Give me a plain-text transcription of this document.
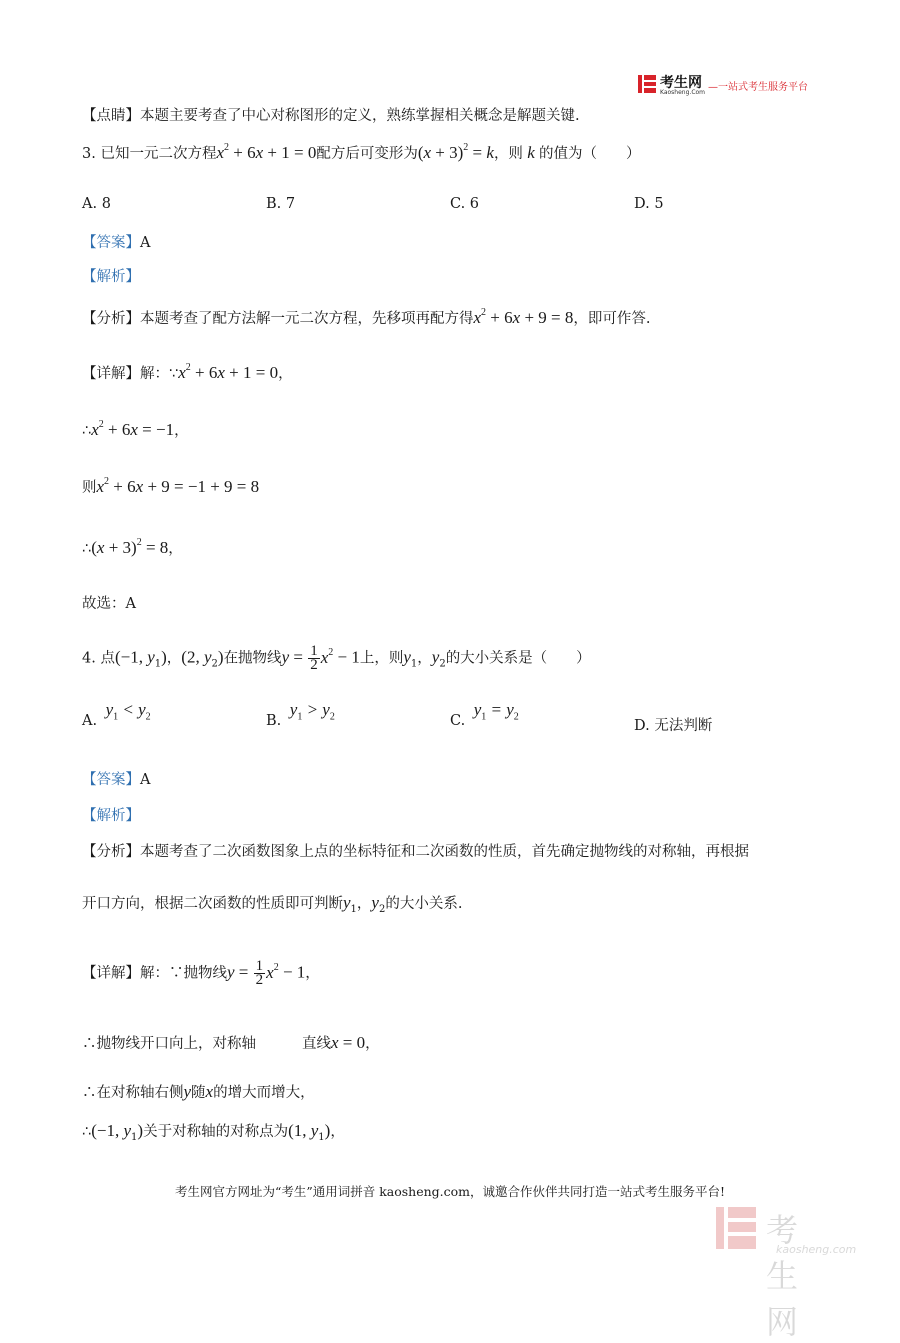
考生网
Kaosheng.Com —一站式考生服务平台
【点睛】本题主要考查了中心对称图形的定义，熟练掌握相关概念是解题关键.
3. 已知一元二次方程$x^2 + 6x + 1 = 0$配方后可变形为$(x + 3)^2 = k$，则 k 的值为（　　）
A. 8	B. 7	C. 6	D. 5
【答案】A
【解析】
【分析】本题考查了配方法解一元二次方程，先移项再配方得$x^2 + 6x + 9 = 8$，即可作答.
【详解】解：$\because x^2 + 6x + 1 = 0$，
$\therefore x^2 + 6x = -1$，
则$x^2 + 6x + 9 = -1 + 9 = 8$
∴(x + 3)$^2$ = 8，
故选：A
4. 点(−1, $y_1$)，(2, $y_2$)在抛物线$y = \frac{1}{2} x^2 - 1$上，则$y_1$，$y_2$的大小关系是（　　）
A.  $y_1 < y_2$	B.  $y_1 > y_2$	C.  $y_1 = y_2$
D. 无法判断
【答案】A
【解析】
【分析】本题考查了二次函数图象上点的坐标特征和二次函数的性质，首先确定抛物线的对称轴，再根据
开口方向，根据二次函数的性质即可判断$y_1$，$y_2$的大小关系.
【详解】解：∵抛物线$y = \frac{1}{2} x^2 - 1$，
∴抛物线开口向上，对称轴	直线x = 0，
∴在对称轴右侧y随x的增大而增大，
∴(−1, $y_1$)关于对称轴的对称点为(1, $y_1$)，
考生网官方网址为“考生”通用词拼音 kaosheng.com，诚邀合作伙伴共同打造一站式考生服务平台!
考生网
kaosheng.com
